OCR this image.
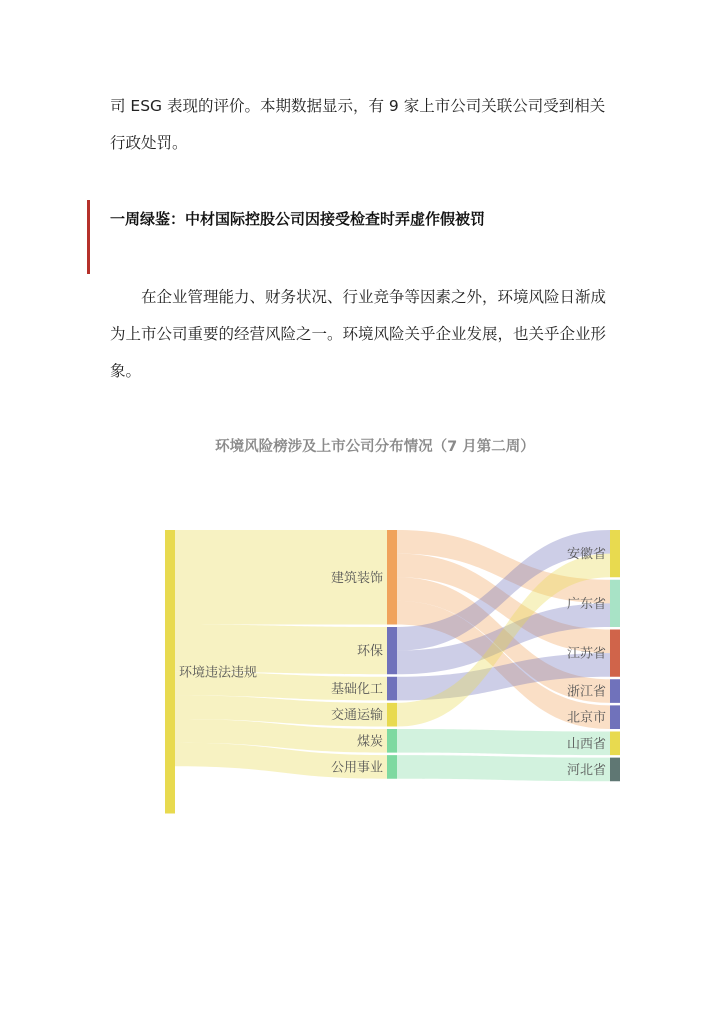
司 ESG 表现的评价。本期数据显示，有 9 家上市公司关联公司受到相关行政处罚。

一周绿鉴：中材国际控股公司因接受检查时弄虚作假被罚

在企业管理能力、财务状况、行业竞争等因素之外，环境风险日渐成为上市公司重要的经营风险之一。环境风险关乎企业发展，也关乎企业形象。

环境风险榜涉及上市公司分布情况（7 月第二周）
环境违法违规
建筑装饰
环保
基础化工
交通运输
煤炭
公用事业
安徽省
广东省
江苏省
浙江省
北京市
山西省
河北省
